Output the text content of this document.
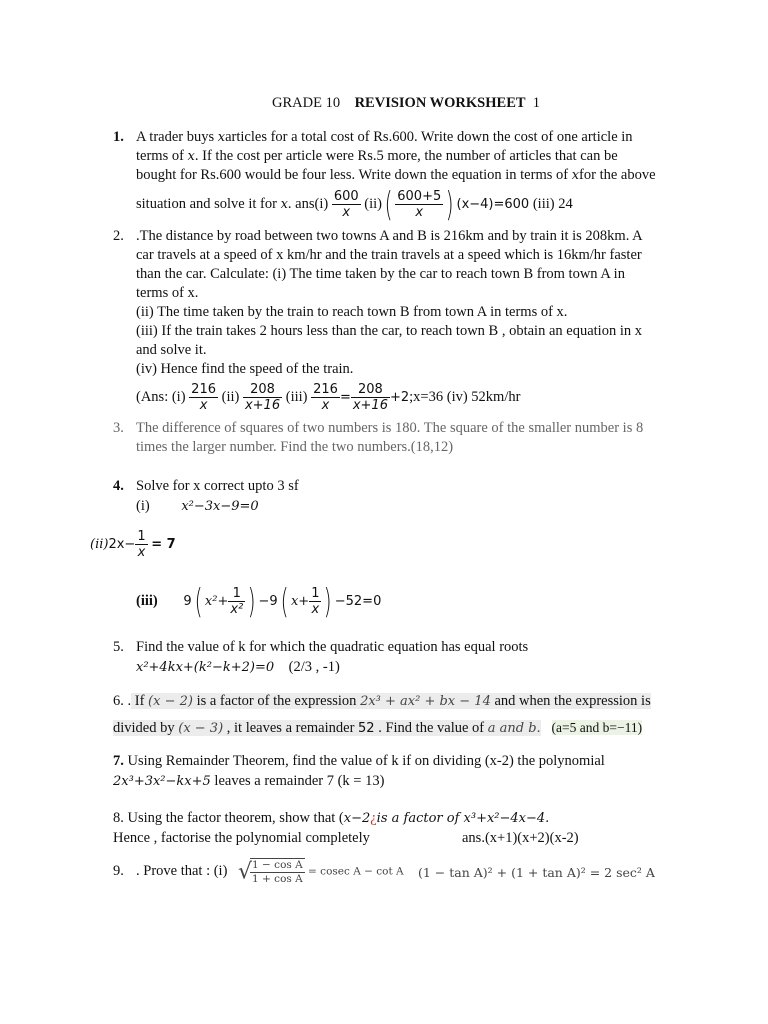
GRADE 10 REVISION WORKSHEET 1
1. A trader buys xarticles for a total cost of Rs.600. Write down the cost of one article in
terms of x. If the cost per article were Rs.5 more, the number of articles that can be
bought for Rs.600 would be four less. Write down the equation in terms of xfor the above
situation and solve it for x. $ans(i) \frac{600}{x} (ii)( \frac{600+5}{x}$ ) (x−4)=600 (iii) 24
2. .The distance by road between two towns A and B is 216km and by train it is 208km. A
car travels at a speed of x km/hr and the train travels at a speed which is 16km/hr faster
than the car. Calculate: (i) The time taken by the car to reach town B from town A in
terms of x.
(ii) The time taken by the train to reach town B from town A in terms of x.
(iii) If the train takes 2 hours less than the car, to reach town B , obtain an equation in x
and solve it.
(iv) Hence find the speed of the train.
(Ans: $(i) \frac{216}{x} (ii) \frac{208}{x+16} (iii) \frac{216}{x} = \frac{208}{x+16}$ +2;x=36 (iv) 52km/hr
3. The difference of squares of two numbers is 180. The square of the smaller number is 8
times the larger number. Find the two numbers.(18,12)
4. Solve for x correct upto 3 sf
(i) x²−3x−9=0
$(ii)2x- \frac{1}{x} = 7$
(iii) 9( $x^2+ \frac{1}{\text{x²}}$ ) −9( $x+ \frac{1}{x}$ ) −52=0
5. Find the value of k for which the quadratic equation has equal roots
x²+4kx+(k²−k+2)=0 (2/3 , -1)
6. . If (x − 2) is a factor of the expression 2x³ + ax² + bx − 14 and when the expression is
divided by (x − 3) , it leaves a remainder 52 . Find the value of a and b. (a=5 and b=−11)
7. Using Remainder Theorem, find the value of k if on dividing (x-2) the polynomial
2x³+3x²−kx+5 leaves a remainder 7 (k = 13)
8. Using the factor theorem, show that (x−2¿is a factor of x³+x²−4x−4.
Hence , factorise the polynomial completely	ans.(x+1)(x+2)(x-2)
9. . Prove that : (i) √
$\frac{\text{1 − cos A}}{\text{1 + cos A}} = cosec$ A − cot A (1 − tan A)² + (1 + tan A)² = 2 sec² A
